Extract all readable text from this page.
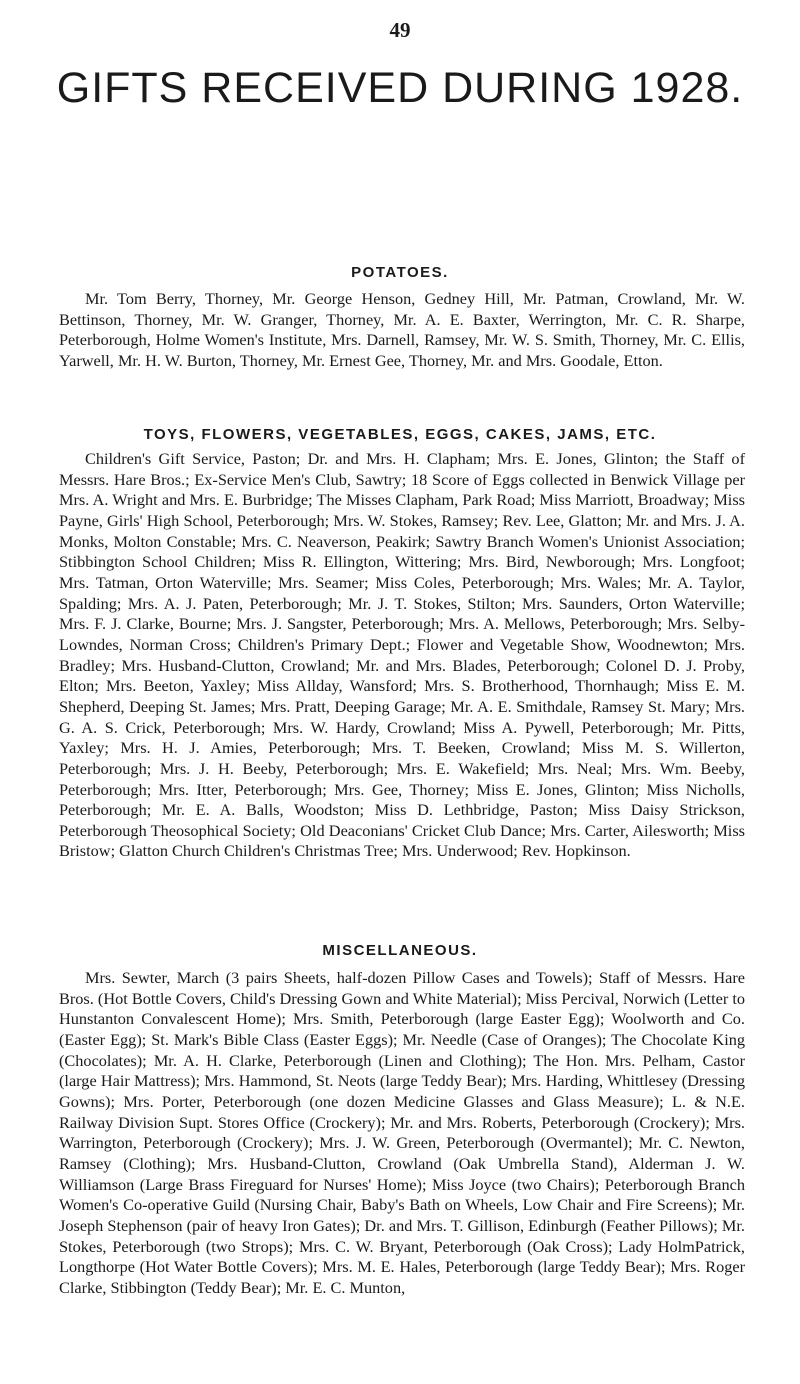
49
GIFTS RECEIVED DURING 1928.
POTATOES.
Mr. Tom Berry, Thorney, Mr. George Henson, Gedney Hill, Mr. Patman, Crowland, Mr. W. Bettinson, Thorney, Mr. W. Granger, Thorney, Mr. A. E. Baxter, Werrington, Mr. C. R. Sharpe, Peterborough, Holme Women's Institute, Mrs. Darnell, Ramsey, Mr. W. S. Smith, Thorney, Mr. C. Ellis, Yarwell, Mr. H. W. Burton, Thorney, Mr. Ernest Gee, Thorney, Mr. and Mrs. Goodale, Etton.
TOYS, FLOWERS, VEGETABLES, EGGS, CAKES, JAMS, ETC.
Children's Gift Service, Paston; Dr. and Mrs. H. Clapham; Mrs. E. Jones, Glinton; the Staff of Messrs. Hare Bros.; Ex-Service Men's Club, Sawtry; 18 Score of Eggs collected in Benwick Village per Mrs. A. Wright and Mrs. E. Burbridge; The Misses Clapham, Park Road; Miss Marriott, Broadway; Miss Payne, Girls' High School, Peterborough; Mrs. W. Stokes, Ramsey; Rev. Lee, Glatton; Mr. and Mrs. J. A. Monks, Molton Constable; Mrs. C. Neaverson, Peakirk; Sawtry Branch Women's Unionist Association; Stibbington School Children; Miss R. Ellington, Wittering; Mrs. Bird, Newborough; Mrs. Longfoot; Mrs. Tatman, Orton Waterville; Mrs. Seamer; Miss Coles, Peterborough; Mrs. Wales; Mr. A. Taylor, Spalding; Mrs. A. J. Paten, Peterborough; Mr. J. T. Stokes, Stilton; Mrs. Saunders, Orton Waterville; Mrs. F. J. Clarke, Bourne; Mrs. J. Sangster, Peterborough; Mrs. A. Mellows, Peterborough; Mrs. Selby-Lowndes, Norman Cross; Children's Primary Dept.; Flower and Vegetable Show, Woodnewton; Mrs. Bradley; Mrs. Husband-Clutton, Crowland; Mr. and Mrs. Blades, Peterborough; Colonel D. J. Proby, Elton; Mrs. Beeton, Yaxley; Miss Allday, Wansford; Mrs. S. Brotherhood, Thornhaugh; Miss E. M. Shepherd, Deeping St. James; Mrs. Pratt, Deeping Garage; Mr. A. E. Smithdale, Ramsey St. Mary; Mrs. G. A. S. Crick, Peterborough; Mrs. W. Hardy, Crowland; Miss A. Pywell, Peterborough; Mr. Pitts, Yaxley; Mrs. H. J. Amies, Peterborough; Mrs. T. Beeken, Crowland; Miss M. S. Willerton, Peterborough; Mrs. J. H. Beeby, Peterborough; Mrs. E. Wakefield; Mrs. Neal; Mrs. Wm. Beeby, Peterborough; Mrs. Itter, Peterborough; Mrs. Gee, Thorney; Miss E. Jones, Glinton; Miss Nicholls, Peterborough; Mr. E. A. Balls, Woodston; Miss D. Lethbridge, Paston; Miss Daisy Strickson, Peterborough Theosophical Society; Old Deaconians' Cricket Club Dance; Mrs. Carter, Ailesworth; Miss Bristow; Glatton Church Children's Christmas Tree; Mrs. Underwood; Rev. Hopkinson.
MISCELLANEOUS.
Mrs. Sewter, March (3 pairs Sheets, half-dozen Pillow Cases and Towels); Staff of Messrs. Hare Bros. (Hot Bottle Covers, Child's Dressing Gown and White Material); Miss Percival, Norwich (Letter to Hunstanton Convalescent Home); Mrs. Smith, Peterborough (large Easter Egg); Woolworth and Co. (Easter Egg); St. Mark's Bible Class (Easter Eggs); Mr. Needle (Case of Oranges); The Chocolate King (Chocolates); Mr. A. H. Clarke, Peterborough (Linen and Clothing); The Hon. Mrs. Pelham, Castor (large Hair Mattress); Mrs. Hammond, St. Neots (large Teddy Bear); Mrs. Harding, Whittlesey (Dressing Gowns); Mrs. Porter, Peterborough (one dozen Medicine Glasses and Glass Measure); L. & N.E. Railway Division Supt. Stores Office (Crockery); Mr. and Mrs. Roberts, Peterborough (Crockery); Mrs. Warrington, Peterborough (Crockery); Mrs. J. W. Green, Peterborough (Overmantel); Mr. C. Newton, Ramsey (Clothing); Mrs. Husband-Clutton, Crowland (Oak Umbrella Stand), Alderman J. W. Williamson (Large Brass Fireguard for Nurses' Home); Miss Joyce (two Chairs); Peterborough Branch Women's Co-operative Guild (Nursing Chair, Baby's Bath on Wheels, Low Chair and Fire Screens); Mr. Joseph Stephenson (pair of heavy Iron Gates); Dr. and Mrs. T. Gillison, Edinburgh (Feather Pillows); Mr. Stokes, Peterborough (two Strops); Mrs. C. W. Bryant, Peterborough (Oak Cross); Lady HolmPatrick, Longthorpe (Hot Water Bottle Covers); Mrs. M. E. Hales, Peterborough (large Teddy Bear); Mrs. Roger Clarke, Stibbington (Teddy Bear); Mr. E. C. Munton,
